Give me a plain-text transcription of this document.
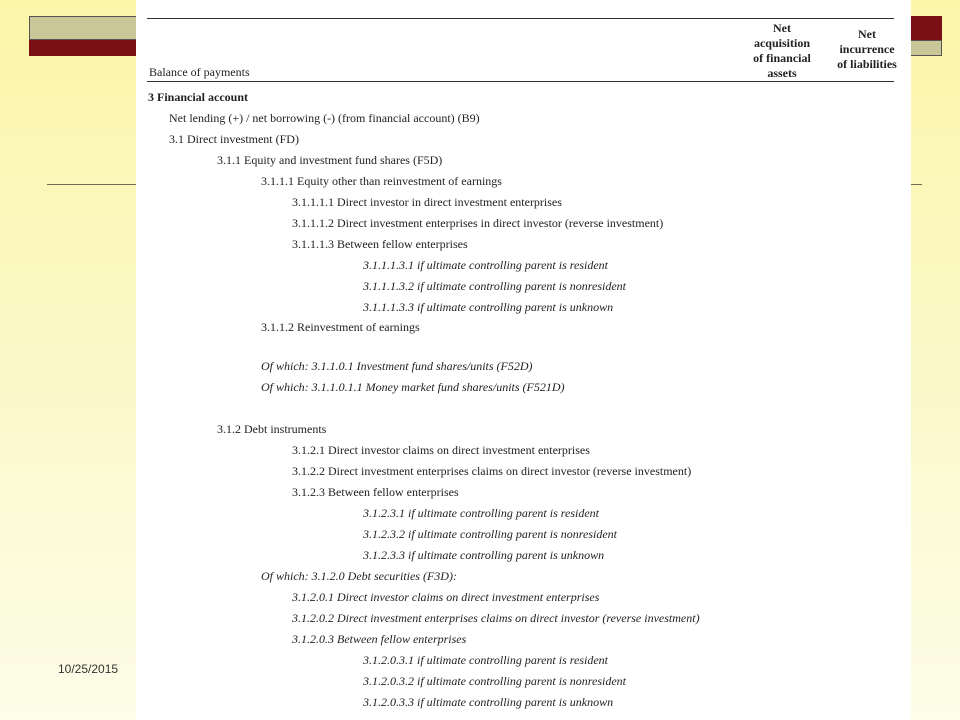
10/25/2015
Balance of payments
Net
acquisition
of financial
assets
Net
incurrence
of liabilities
3 Financial account
Net lending (+) / net borrowing (-) (from financial account) (B9)
3.1 Direct investment (FD)
3.1.1 Equity and investment fund shares (F5D)
3.1.1.1 Equity other than reinvestment of earnings
3.1.1.1.1 Direct investor in direct investment enterprises
3.1.1.1.2 Direct investment enterprises in direct investor (reverse investment)
3.1.1.1.3 Between fellow enterprises
3.1.1.1.3.1 if ultimate controlling parent is resident
3.1.1.1.3.2 if ultimate controlling parent is nonresident
3.1.1.1.3.3 if ultimate controlling parent is unknown
3.1.1.2 Reinvestment of earnings
Of which: 3.1.1.0.1 Investment fund shares/units (F52D)
Of which: 3.1.1.0.1.1 Money market fund shares/units (F521D)
3.1.2 Debt instruments
3.1.2.1 Direct investor claims on direct investment enterprises
3.1.2.2 Direct investment enterprises claims on direct investor (reverse investment)
3.1.2.3 Between fellow enterprises
3.1.2.3.1 if ultimate controlling parent is resident
3.1.2.3.2 if ultimate controlling parent is nonresident
3.1.2.3.3 if ultimate controlling parent is unknown
Of which: 3.1.2.0 Debt securities (F3D):
3.1.2.0.1 Direct investor claims on direct investment enterprises
3.1.2.0.2 Direct investment enterprises claims on direct investor (reverse investment)
3.1.2.0.3 Between fellow enterprises
3.1.2.0.3.1 if ultimate controlling parent is resident
3.1.2.0.3.2 if ultimate controlling parent is nonresident
3.1.2.0.3.3 if ultimate controlling parent is unknown
